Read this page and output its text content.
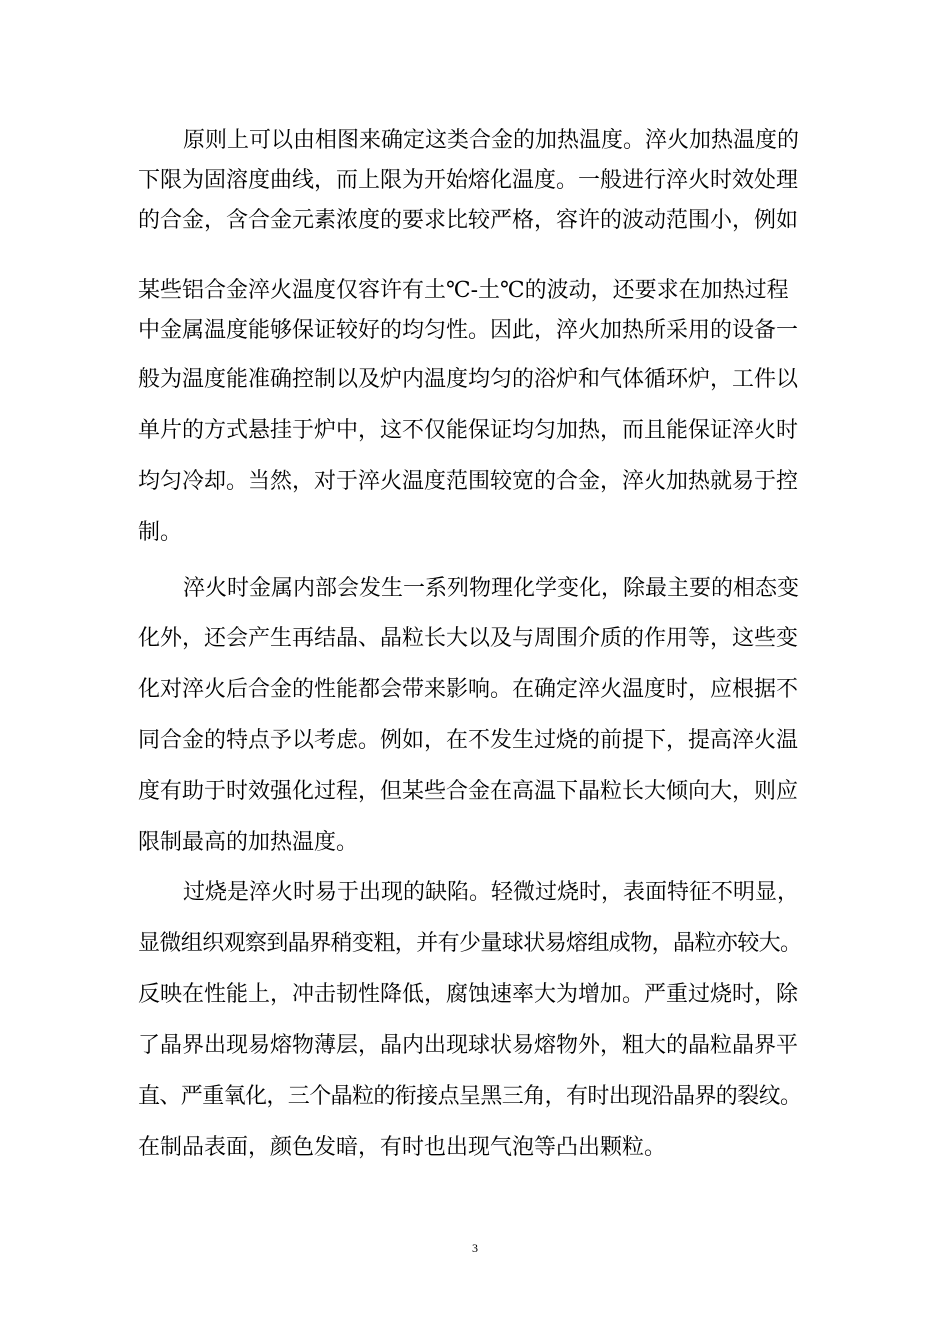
原则上可以由相图来确定这类合金的加热温度。淬火加热温度的
下限为固溶度曲线，而上限为开始熔化温度。一般进行淬火时效处理
的合金，含合金元素浓度的要求比较严格，容许的波动范围小，例如
某些铝合金淬火温度仅容许有土℃-土℃的波动，还要求在加热过程
中金属温度能够保证较好的均匀性。因此，淬火加热所采用的设备一
般为温度能准确控制以及炉内温度均匀的浴炉和气体循环炉，工件以
单片的方式悬挂于炉中，这不仅能保证均匀加热，而且能保证淬火时
均匀冷却。当然，对于淬火温度范围较宽的合金，淬火加热就易于控
制。
淬火时金属内部会发生一系列物理化学变化，除最主要的相态变
化外，还会产生再结晶、晶粒长大以及与周围介质的作用等，这些变
化对淬火后合金的性能都会带来影响。在确定淬火温度时，应根据不
同合金的特点予以考虑。例如，在不发生过烧的前提下，提高淬火温
度有助于时效强化过程，但某些合金在高温下晶粒长大倾向大，则应
限制最高的加热温度。
过烧是淬火时易于出现的缺陷。轻微过烧时，表面特征不明显，
显微组织观察到晶界稍变粗，并有少量球状易熔组成物，晶粒亦较大。
反映在性能上，冲击韧性降低，腐蚀速率大为增加。严重过烧时，除
了晶界出现易熔物薄层，晶内出现球状易熔物外，粗大的晶粒晶界平
直、严重氧化，三个晶粒的衔接点呈黑三角，有时出现沿晶界的裂纹。
在制品表面，颜色发暗，有时也出现气泡等凸出颗粒。
3
